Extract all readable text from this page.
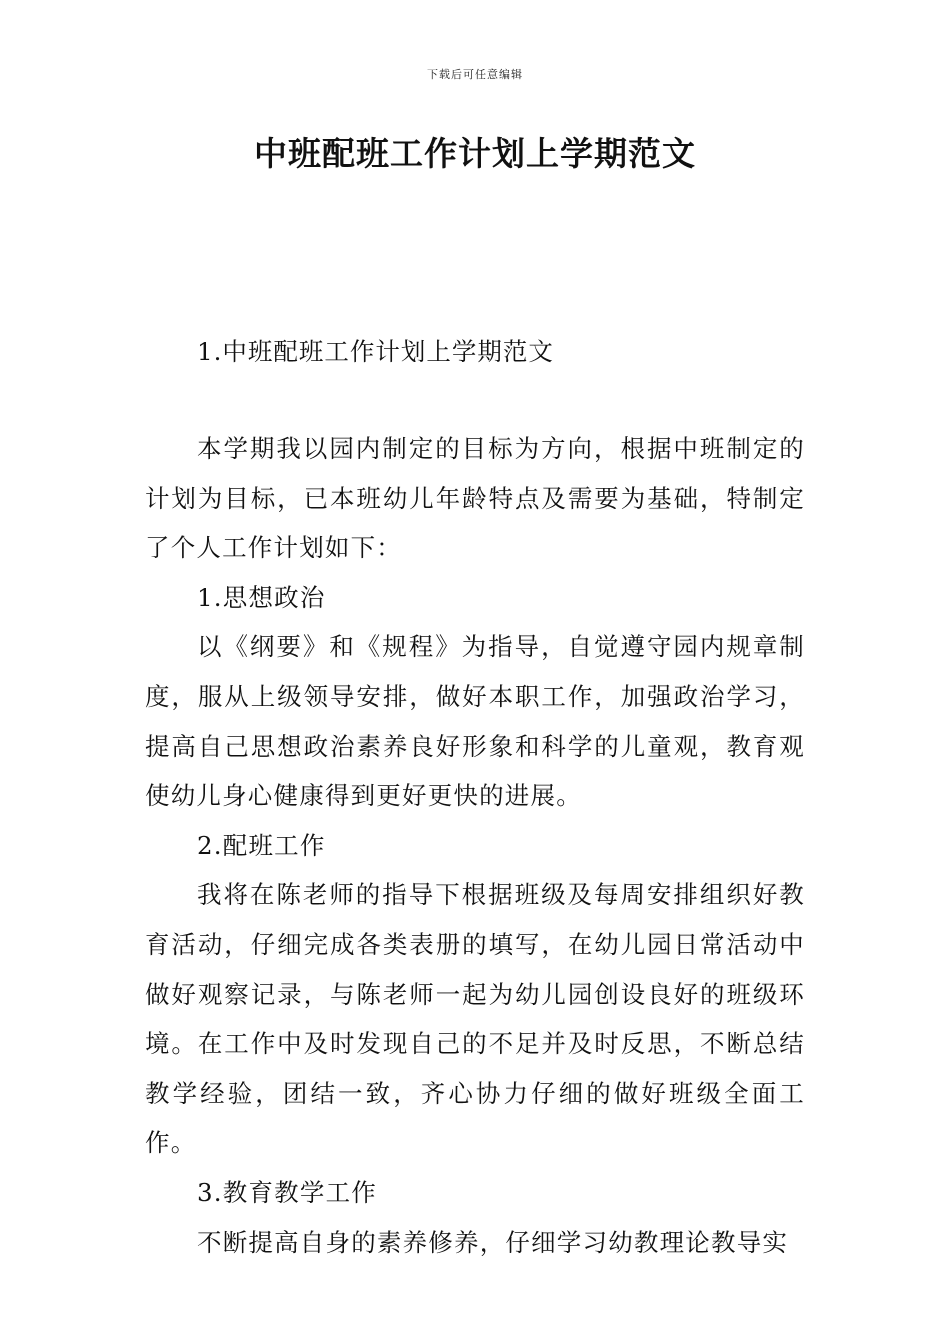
下载后可任意编辑
中班配班工作计划上学期范文
1.中班配班工作计划上学期范文

本学期我以园内制定的目标为方向，根据中班制定的计划为目标，已本班幼儿年龄特点及需要为基础，特制定了个人工作计划如下：

1.思想政治

以《纲要》和《规程》为指导，自觉遵守园内规章制度，服从上级领导安排，做好本职工作，加强政治学习，提高自己思想政治素养良好形象和科学的儿童观，教育观使幼儿身心健康得到更好更快的进展。

2.配班工作

我将在陈老师的指导下根据班级及每周安排组织好教育活动，仔细完成各类表册的填写，在幼儿园日常活动中做好观察记录，与陈老师一起为幼儿园创设良好的班级环境。在工作中及时发现自己的不足并及时反思，不断总结教学经验，团结一致，齐心协力仔细的做好班级全面工作。

3.教育教学工作

不断提高自身的素养修养，仔细学习幼教理论教导实
